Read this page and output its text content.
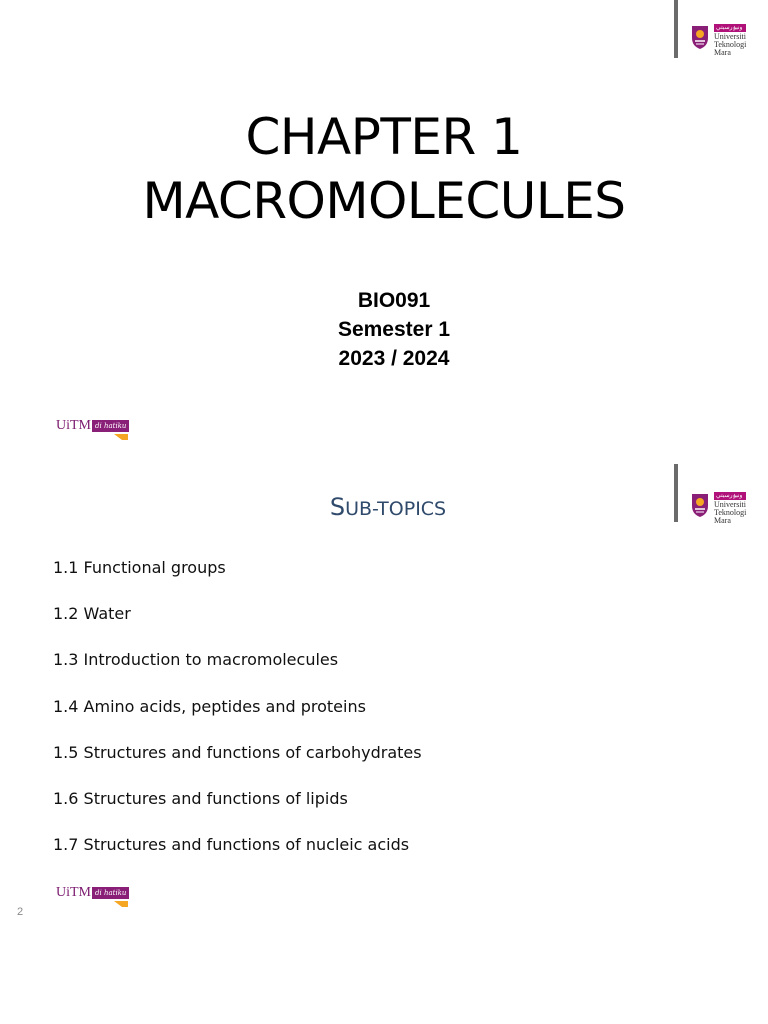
ونيۏرسيتي
Universiti
Teknologi
Mara
CHAPTER 1
MACROMOLECULES
BIO091
Semester 1
2023 / 2024
UiTM di hatiku
ونيۏرسيتي
Universiti
Teknologi
Mara
SUB-TOPICS
1.1 Functional groups
1.2 Water
1.3 Introduction to macromolecules
1.4 Amino acids, peptides and proteins
1.5 Structures and functions of carbohydrates
1.6 Structures and functions of lipids
1.7 Structures and functions of nucleic acids
UiTM di hatiku
2
